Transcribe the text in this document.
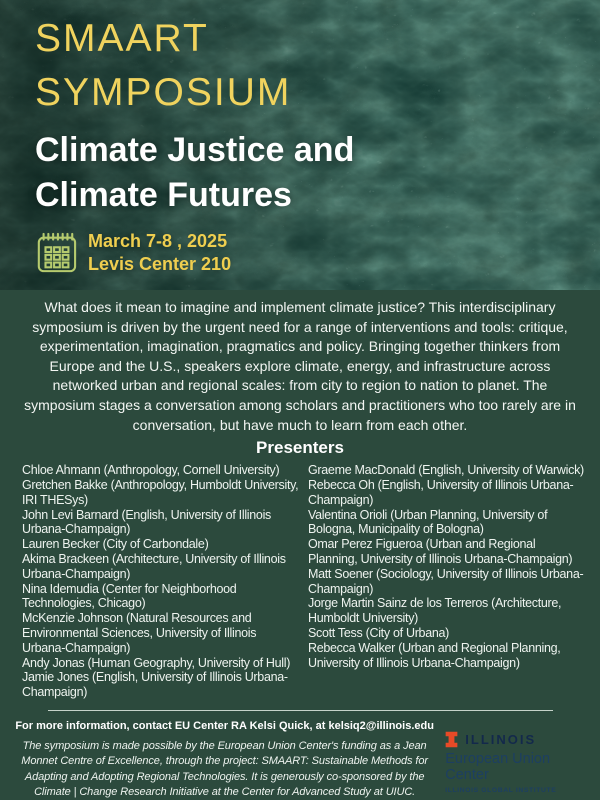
SMAART
SYMPOSIUM
Climate Justice and
Climate Futures
March 7-8 , 2025
Levis Center 210

What does it mean to imagine and implement climate justice? This interdisciplinary symposium is driven by the urgent need for a range of interventions and tools: critique, experimentation, imagination, pragmatics and policy. Bringing together thinkers from Europe and the U.S., speakers explore climate, energy, and infrastructure across networked urban and regional scales: from city to region to nation to planet. The symposium stages a conversation among scholars and practitioners who too rarely are in conversation, but have much to learn from each other.

Presenters
Chloe Ahmann (Anthropology, Cornell University)
Gretchen Bakke (Anthropology, Humboldt University, IRI THESys)
John Levi Barnard (English, University of Illinois Urbana-Champaign)
Lauren Becker (City of Carbondale)
Akima Brackeen (Architecture, University of Illinois Urbana-Champaign)
Nina Idemudia (Center for Neighborhood Technologies, Chicago)
McKenzie Johnson (Natural Resources and Environmental Sciences, University of Illinois Urbana-Champaign)
Andy Jonas (Human Geography, University of Hull)
Jamie Jones (English, University of Illinois Urbana-Champaign)
Graeme MacDonald (English, University of Warwick)
Rebecca Oh (English, University of Illinois Urbana-Champaign)
Valentina Orioli (Urban Planning, University of Bologna, Municipality of Bologna)
Omar Perez Figueroa (Urban and Regional Planning, University of Illinois Urbana-Champaign)
Matt Soener (Sociology, University of Illinois Urbana-Champaign)
Jorge Martin Sainz de los Terreros (Architecture, Humboldt University)
Scott Tess (City of Urbana)
Rebecca Walker (Urban and Regional Planning, University of Illinois Urbana-Champaign)

For more information, contact EU Center RA Kelsi Quick, at kelsiq2@illinois.edu

The symposium is made possible by the European Union Center's funding as a Jean Monnet Centre of Excellence, through the project: SMAART: Sustainable Methods for Adapting and Adopting Regional Technologies. It is generously co-sponsored by the Climate | Change Research Initiative at the Center for Advanced Study at UIUC.

ILLINOIS
European Union Center
ILLINOIS GLOBAL INSTITUTE
